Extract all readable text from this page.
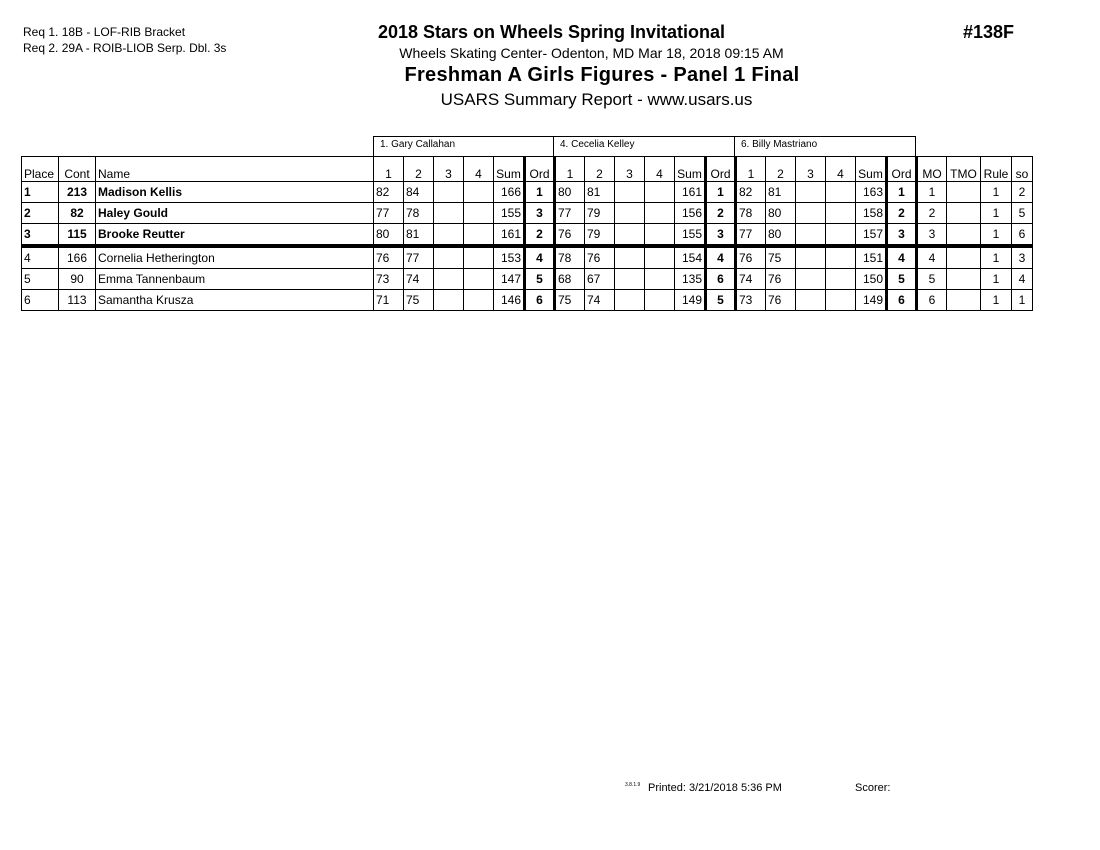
Req 1. 18B - LOF-RIB Bracket
Req 2. 29A - ROIB-LIOB Serp. Dbl. 3s
2018 Stars on Wheels Spring Invitational	#138F
Wheels Skating Center- Odenton, MD Mar 18, 2018 09:15 AM
Freshman A Girls Figures - Panel 1 Final
USARS Summary Report - www.usars.us
1. Gary Callahan	4. Cecelia Kelley	6. Billy Mastriano
Place	Cont	Name	1	2	3	4	Sum	Ord	1	2	3	4	Sum	Ord	1	2	3	4	Sum	Ord	MO	TMO	Rule	so
1	213	Madison Kellis	82	84			166	1	80	81			161	1	82	81			163	1	1		1	2
2	82	Haley Gould	77	78			155	3	77	79			156	2	78	80			158	2	2		1	5
3	115	Brooke Reutter	80	81			161	2	76	79			155	3	77	80			157	3	3		1	6
4	166	Cornelia Hetherington	76	77			153	4	78	76			154	4	76	75			151	4	4		1	3
5	90	Emma Tannenbaum	73	74			147	5	68	67			135	6	74	76			150	5	5		1	4
6	113	Samantha Krusza	71	75			146	6	75	74			149	5	73	76			149	6	6		1	1
3.8.1.9 Printed: 3/21/2018 5:36 PM	Scorer:
